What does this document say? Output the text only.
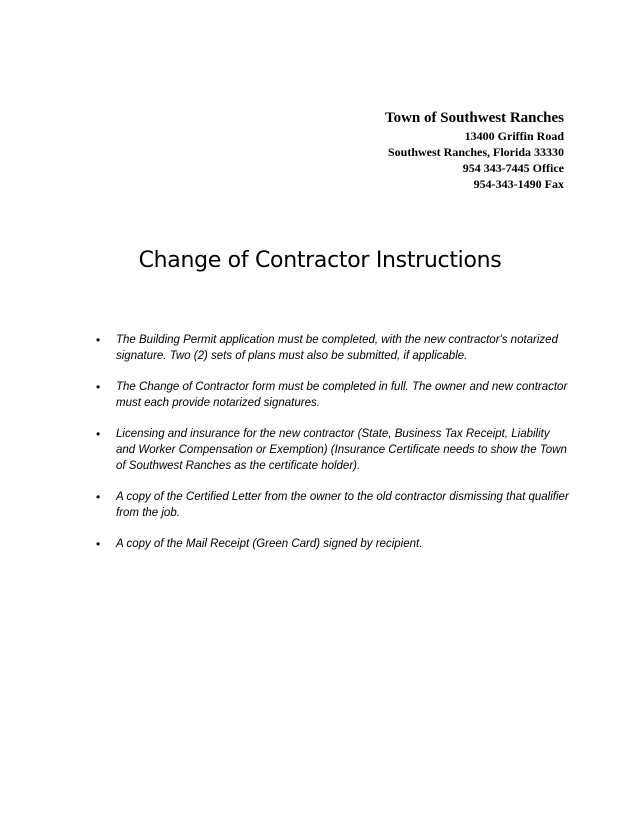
Town of Southwest Ranches
13400 Griffin Road
Southwest Ranches, Florida 33330
954 343-7445 Office
954-343-1490 Fax
Change of Contractor Instructions
• The Building Permit application must be completed, with the new contractor's notarized signature. Two (2) sets of plans must also be submitted, if applicable.
• The Change of Contractor form must be completed in full. The owner and new contractor must each provide notarized signatures.
• Licensing and insurance for the new contractor (State, Business Tax Receipt, Liability and Worker Compensation or Exemption) (Insurance Certificate needs to show the Town of Southwest Ranches as the certificate holder).
• A copy of the Certified Letter from the owner to the old contractor dismissing that qualifier from the job.
• A copy of the Mail Receipt (Green Card) signed by recipient.
